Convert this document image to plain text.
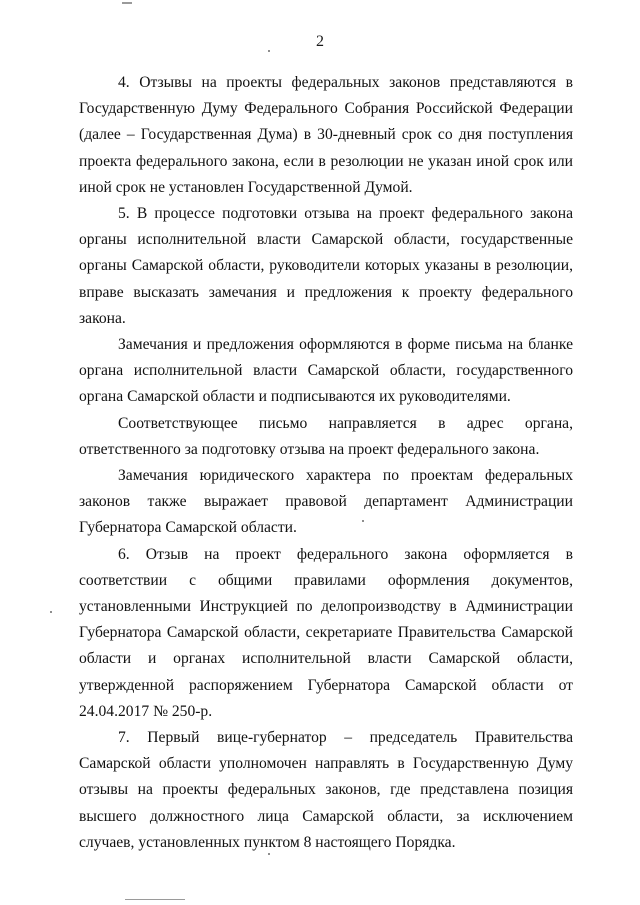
2

4. Отзывы на проекты федеральных законов представляются в Государственную Думу Федерального Собрания Российской Федерации (далее – Государственная Дума) в 30-дневный срок со дня поступления проекта федерального закона, если в резолюции не указан иной срок или иной срок не установлен Государственной Думой.

5. В процессе подготовки отзыва на проект федерального закона органы исполнительной власти Самарской области, государственные органы Самарской области, руководители которых указаны в резолюции, вправе высказать замечания и предложения к проекту федерального закона.

Замечания и предложения оформляются в форме письма на бланке органа исполнительной власти Самарской области, государственного органа Самарской области и подписываются их руководителями.

Соответствующее письмо направляется в адрес органа, ответственного за подготовку отзыва на проект федерального закона.

Замечания юридического характера по проектам федеральных законов также выражает правовой департамент Администрации Губернатора Самарской области.

6. Отзыв на проект федерального закона оформляется в соответствии с общими правилами оформления документов, установленными Инструкцией по делопроизводству в Администрации Губернатора Самарской области, секретариате Правительства Самарской области и органах исполнительной власти Самарской области, утвержденной распоряжением Губернатора Самарской области от 24.04.2017 № 250-р.

7. Первый вице-губернатор – председатель Правительства Самарской области уполномочен направлять в Государственную Думу отзывы на проекты федеральных законов, где представлена позиция высшего должностного лица Самарской области, за исключением случаев, установленных пунктом 8 настоящего Порядка.
